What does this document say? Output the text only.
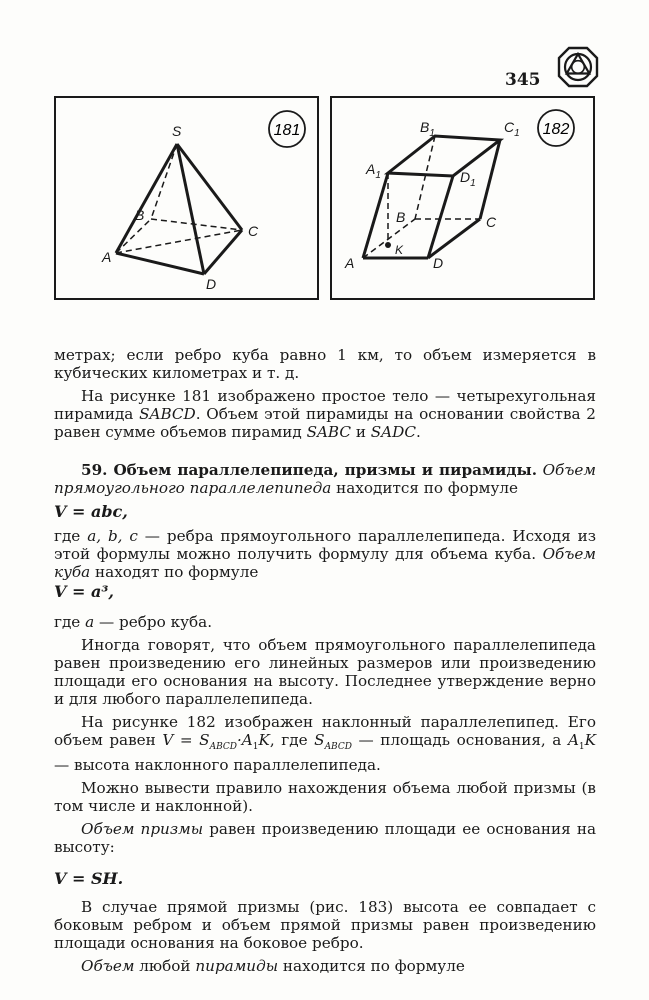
345
181
S
A
B
C
D
182
$A_1$
$B_1$	$C_1$
$D_1$
B
K
C
A	D

метрах; если ребро куба равно 1 км, то объем измеряется в кубических километрах и т. д.

На рисунке 181 изображено простое тело — четырехугольная пирамида SABCD. Объем этой пирамиды на основании свойства 2 равен сумме объемов пирамид SABC и SADC.

59. Объем параллелепипеда, призмы и пирамиды. Объем прямоугольного параллелепипеда находится по формуле

V = abc,

где a, b, c — ребра прямоугольного параллелепипеда. Исходя из этой формулы можно получить формулу для объема куба. Объем куба находят по формуле

V = a³,

где a — ребро куба.

Иногда говорят, что объем прямоугольного параллелепипеда равен произведению его линейных размеров или произведению площади его основания на высоту. Последнее утверждение верно и для любого параллелепипеда.

На рисунке 182 изображен наклонный параллелепипед. Его объем равен $V = S_{ABCD}\cdot A_1K$, где $S_{ABCD}$ — площадь основания, а $A_1K$ — высота наклонного параллелепипеда.

Можно вывести правило нахождения объема любой призмы (в том числе и наклонной).

Объем призмы равен произведению площади ее основания на высоту:

V = SH.

В случае прямой призмы (рис. 183) высота ее совпадает с боковым ребром и объем прямой призмы равен произведению площади основания на боковое ребро.

Объем любой пирамиды находится по формуле
